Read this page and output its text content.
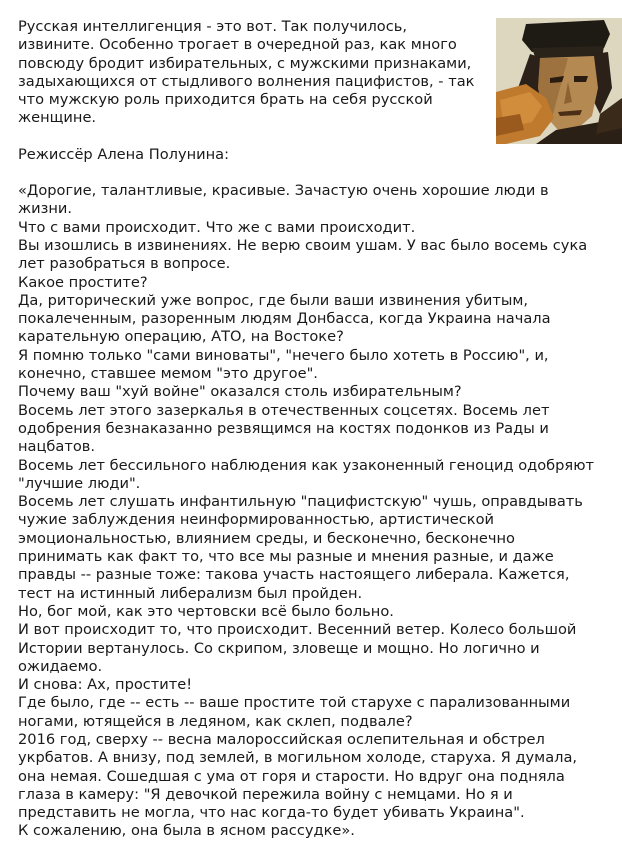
Русская интеллигенция - это вот. Так получилось,
извините. Особенно трогает в очередной раз, как много
повсюду бродит избирательных, с мужскими признаками,
задыхающихся от стыдливого волнения пацифистов, - так
что мужскую роль приходится брать на себя русской
женщине.
Режиссёр Алена Полунина:
«Дорогие, талантливые, красивые. Зачастую очень хорошие люди в
жизни.
Что с вами происходит. Что же с вами происходит.
Вы изошлись в извинениях. Не верю своим ушам. У вас было восемь сука
лет разобраться в вопросе.
Какое простите?
Да, риторический уже вопрос, где были ваши извинения убитым,
покалеченным, разоренным людям Донбасса, когда Украина начала
карательную операцию, АТО, на Востоке?
Я помню только "сами виноваты", "нечего было хотеть в Россию", и,
конечно, ставшее мемом "это другое".
Почему ваш "хуй войне" оказался столь избирательным?
Восемь лет этого зазеркалья в отечественных соцсетях. Восемь лет
одобрения безнаказанно резвящимся на костях подонков из Рады и
нацбатов.
Восемь лет бессильного наблюдения как узаконенный геноцид одобряют
"лучшие люди".
Восемь лет слушать инфантильную "пацифистскую" чушь, оправдывать
чужие заблуждения неинформированностью, артистической
эмоциональностью, влиянием среды, и бесконечно, бесконечно
принимать как факт то, что все мы разные и мнения разные, и даже
правды -- разные тоже: такова участь настоящего либерала. Кажется,
тест на истинный либерализм был пройден.
Но, бог мой, как это чертовски всё было больно.
И вот происходит то, что происходит. Весенний ветер. Колесо большой
Истории вертанулось. Со скрипом, зловеще и мощно. Но логично и
ожидаемо.
И снова: Ах, простите!
Где было, где -- есть -- ваше простите той старухе с парализованными
ногами, ютящейся в ледяном, как склеп, подвале?
2016 год, сверху -- весна малороссийская ослепительная и обстрел
укрбатов. А внизу, под землей, в могильном холоде, старуха. Я думала,
она немая. Сошедшая с ума от горя и старости. Но вдруг она подняла
глаза в камеру: "Я девочкой пережила войну с немцами. Но я и
представить не могла, что нас когда-то будет убивать Украина".
К сожалению, она была в ясном рассудке».
